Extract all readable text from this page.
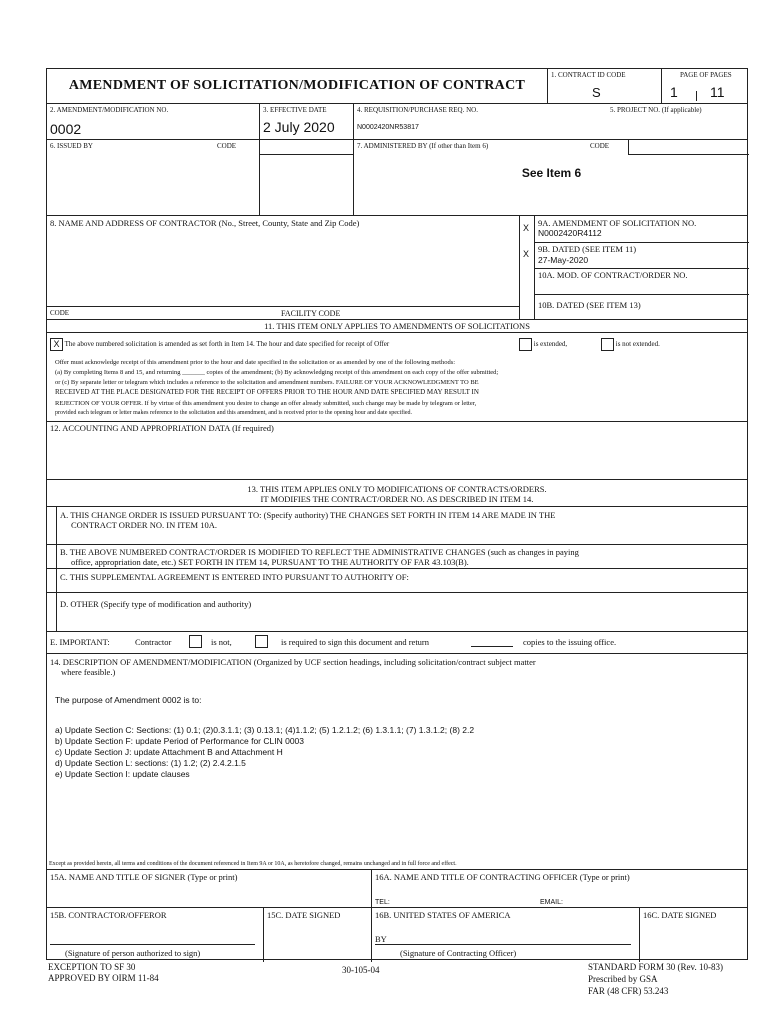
AMENDMENT OF SOLICITATION/MODIFICATION OF CONTRACT
1. CONTRACT ID CODE
S
PAGE OF PAGES
1 11
2. AMENDMENT/MODIFICATION NO.
0002
3. EFFECTIVE DATE
2 July 2020
4. REQUISITION/PURCHASE REQ. NO.
N0002420NR53817
5. PROJECT NO. (If applicable)
6. ISSUED BY	CODE	7. ADMINISTERED BY (If other than Item 6)	CODE
See Item 6
8. NAME AND ADDRESS OF CONTRACTOR (No., Street, County, State and Zip Code)
CODE	FACILITY CODE
X
X
9A. AMENDMENT OF SOLICITATION NO.
N0002420R4112
9B. DATED (SEE ITEM 11)
27-May-2020
10A. MOD. OF CONTRACT/ORDER NO.
10B. DATED (SEE ITEM 13)
11. THIS ITEM ONLY APPLIES TO AMENDMENTS OF SOLICITATIONS
X The above numbered solicitation is amended as set forth in Item 14. The hour and date specified for receipt of Offer	is extended,	is not extended.
Offer must acknowledge receipt of this amendment prior to the hour and date specified in the solicitation or as amended by one of the following methods:
(a) By completing Items 8 and 15, and returning _______ copies of the amendment; (b) By acknowledging receipt of this amendment on each copy of the offer submitted;
or (c) By separate letter or telegram which includes a reference to the solicitation and amendment numbers. FAILURE OF YOUR ACKNOWLEDGMENT TO BE
RECEIVED AT THE PLACE DESIGNATED FOR THE RECEIPT OF OFFERS PRIOR TO THE HOUR AND DATE SPECIFIED MAY RESULT IN
REJECTION OF YOUR OFFER. If by virtue of this amendment you desire to change an offer already submitted, such change may be made by telegram or letter,
provided each telegram or letter makes reference to the solicitation and this amendment, and is received prior to the opening hour and date specified.
12. ACCOUNTING AND APPROPRIATION DATA (If required)
13. THIS ITEM APPLIES ONLY TO MODIFICATIONS OF CONTRACTS/ORDERS.
IT MODIFIES THE CONTRACT/ORDER NO. AS DESCRIBED IN ITEM 14.
A. THIS CHANGE ORDER IS ISSUED PURSUANT TO: (Specify authority) THE CHANGES SET FORTH IN ITEM 14 ARE MADE IN THE
CONTRACT ORDER NO. IN ITEM 10A.
B. THE ABOVE NUMBERED CONTRACT/ORDER IS MODIFIED TO REFLECT THE ADMINISTRATIVE CHANGES (such as changes in paying
office, appropriation date, etc.) SET FORTH IN ITEM 14, PURSUANT TO THE AUTHORITY OF FAR 43.103(B).
C. THIS SUPPLEMENTAL AGREEMENT IS ENTERED INTO PURSUANT TO AUTHORITY OF:
D. OTHER (Specify type of modification and authority)
E. IMPORTANT:	Contractor	is not,	is required to sign this document and return	copies to the issuing office.
14. DESCRIPTION OF AMENDMENT/MODIFICATION (Organized by UCF section headings, including solicitation/contract subject matter
where feasible.)
The purpose of Amendment 0002 is to:
a) Update Section C: Sections: (1) 0.1; (2)0.3.1.1; (3) 0.13.1; (4)1.1.2; (5) 1.2.1.2; (6) 1.3.1.1; (7) 1.3.1.2; (8) 2.2
b) Update Section F: update Period of Performance for CLIN 0003
c) Update Section J: update Attachment B and Attachment H
d) Update Section L: sections: (1) 1.2; (2) 2.4.2.1.5
e) Update Section I: update clauses
Except as provided herein, all terms and conditions of the document referenced in Item 9A or 10A, as heretofore changed, remains unchanged and in full force and effect.
15A. NAME AND TITLE OF SIGNER (Type or print)	16A. NAME AND TITLE OF CONTRACTING OFFICER (Type or print)
TEL:	EMAIL:
15B. CONTRACTOR/OFFEROR
(Signature of person authorized to sign)
15C. DATE SIGNED	16B. UNITED STATES OF AMERICA
BY
(Signature of Contracting Officer)
16C. DATE SIGNED
EXCEPTION TO SF 30
APPROVED BY OIRM 11-84
30-105-04	STANDARD FORM 30 (Rev. 10-83)
Prescribed by GSA
FAR (48 CFR) 53.243
